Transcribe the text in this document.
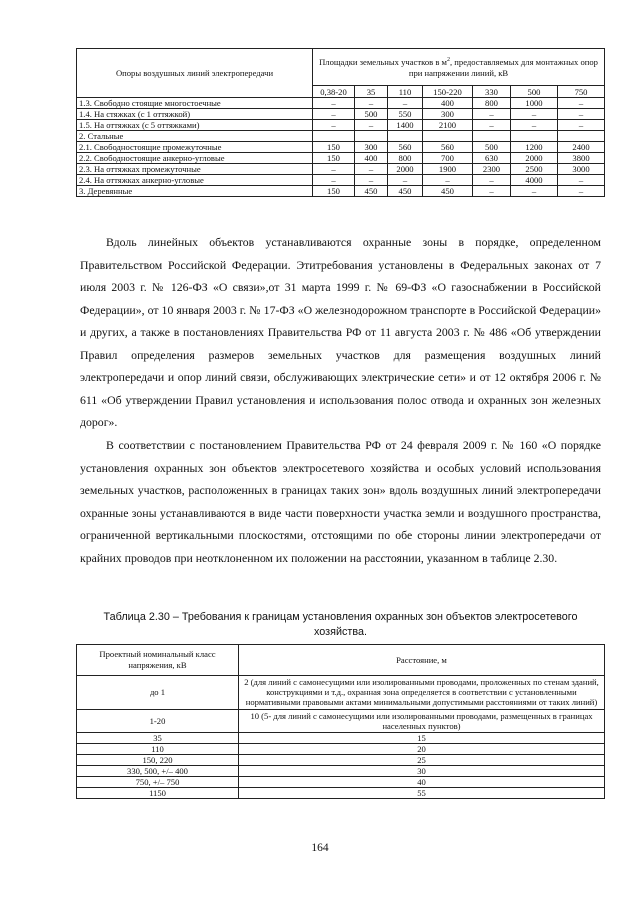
Опоры воздушных линий электропередачи	Площадки земельных участков в $м^2$, предоставляемых для монтажных опор при напряжении линий, кВ						
	0,38-20	35	110	150-220	330	500	750
1.3. Свободно стоящие многостоечные	–	–	–	400	800	1000	–
1.4. На стяжках (с 1 оттяжкой)	–	500	550	300	–	–	–
1.5. На оттяжках (с 5 оттяжками)	–	–	1400	2100	–	–	–
2. Стальные							
2.1. Свободностоящие промежуточные	150	300	560	560	500	1200	2400
2.2. Свободностоящие анкерно-угловые	150	400	800	700	630	2000	3800
2.3. На оттяжках промежуточные	–	–	2000	1900	2300	2500	3000
2.4. На оттяжках анкерно-угловые	–	–	–	–	–	4000	–
3. Деревянные	150	450	450	450	–	–	–

Вдоль линейных объектов устанавливаются охранные зоны в порядке, определенном Правительством Российской Федерации. Этитребования установлены в Федеральных законах от 7 июля 2003 г. № 126-ФЗ «О связи»,от 31 марта 1999 г. № 69-ФЗ «О газоснабжении в Российской Федерации», от 10 января 2003 г. № 17-ФЗ «О железнодорожном транспорте в Российской Федерации» и других, а также в постановлениях Правительства РФ от 11 августа 2003 г. № 486 «Об утверждении Правил определения размеров земельных участков для размещения воздушных линий электропередачи и опор линий связи, обслуживающих электрические сети» и от 12 октября 2006 г. № 611 «Об утверждении Правил установления и использования полос отвода и охранных зон железных дорог».

В соответствии с постановлением Правительства РФ от 24 февраля 2009 г. № 160 «О порядке установления охранных зон объектов электросетевого хозяйства и особых условий использования земельных участков, расположенных в границах таких зон» вдоль воздушных линий электропередачи охранные зоны устанавливаются в виде части поверхности участка земли и воздушного пространства, ограниченной вертикальными плоскостями, отстоящими по обе стороны линии электропередачи от крайних проводов при неотклоненном их положении на расстоянии, указанном в таблице 2.30.

Таблица 2.30 – Требования к границам установления охранных зон объектов электросетевого хозяйства.

Проектный номинальный класс напряжения, кВ	Расстояние, м
до 1	2 (для линий с самонесущими или изолированными проводами, проложенных по стенам зданий, конструкциями и т.д., охранная зона определяется в соответствии с установленными нормативными правовыми актами минимальными допустимыми расстояниями от таких линий)
1-20	10 (5- для линий с самонесущими или изолированными проводами, размещенных в границах населенных пунктов)
35	15
110	20
150, 220	25
330, 500, +/– 400	30
750, +/– 750	40
1150	55
164
